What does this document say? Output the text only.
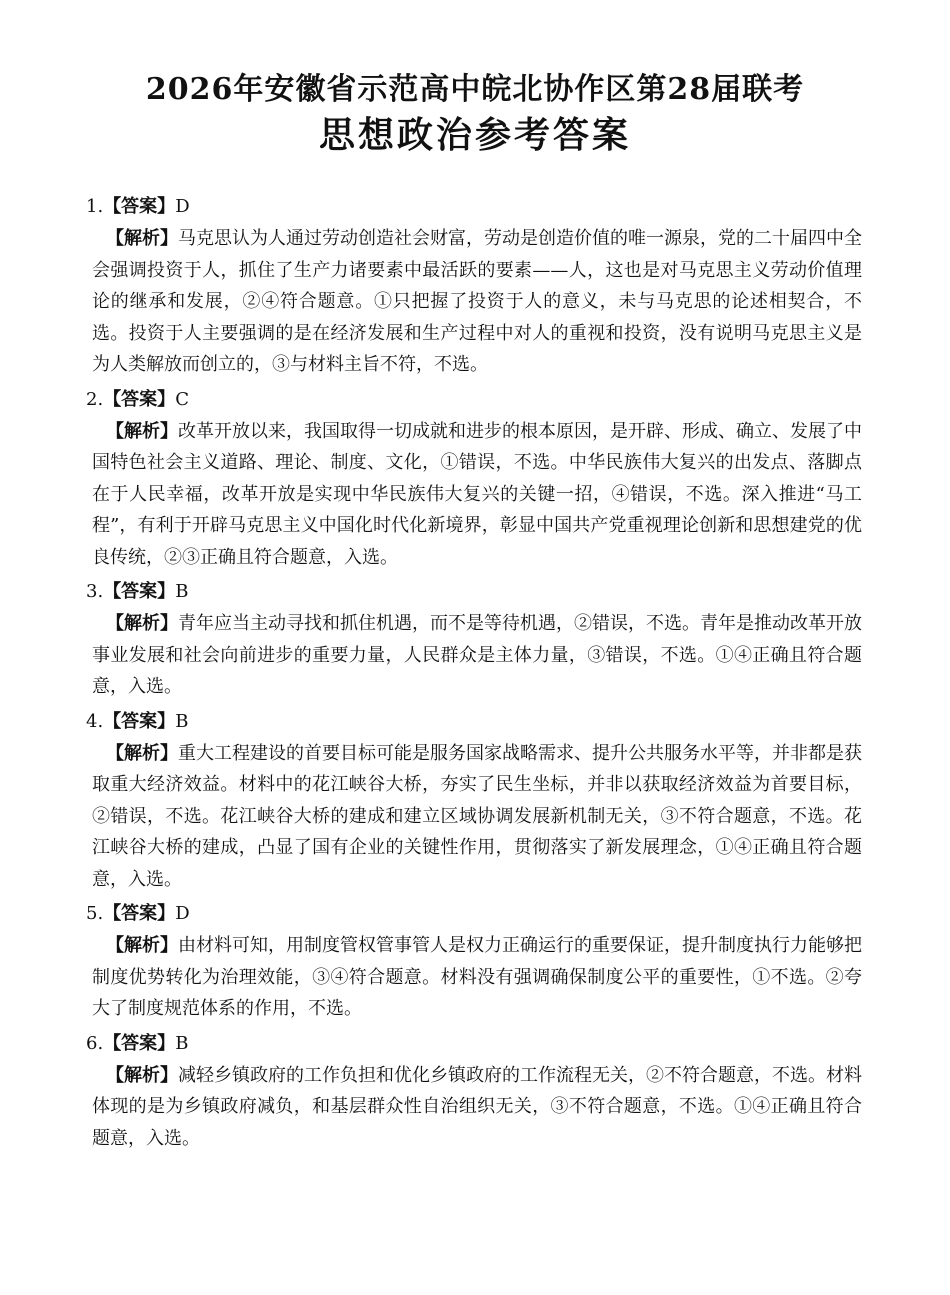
2026年安徽省示范高中皖北协作区第28届联考
思想政治参考答案
1.【答案】D
【解析】马克思认为人通过劳动创造社会财富，劳动是创造价值的唯一源泉，党的二十届四中全会强调投资于人，抓住了生产力诸要素中最活跃的要素——人，这也是对马克思主义劳动价值理论的继承和发展，②④符合题意。①只把握了投资于人的意义，未与马克思的论述相契合，不选。投资于人主要强调的是在经济发展和生产过程中对人的重视和投资，没有说明马克思主义是为人类解放而创立的，③与材料主旨不符，不选。
2.【答案】C
【解析】改革开放以来，我国取得一切成就和进步的根本原因，是开辟、形成、确立、发展了中国特色社会主义道路、理论、制度、文化，①错误，不选。中华民族伟大复兴的出发点、落脚点在于人民幸福，改革开放是实现中华民族伟大复兴的关键一招，④错误，不选。深入推进“马工程”，有利于开辟马克思主义中国化时代化新境界，彰显中国共产党重视理论创新和思想建党的优良传统，②③正确且符合题意，入选。
3.【答案】B
【解析】青年应当主动寻找和抓住机遇，而不是等待机遇，②错误，不选。青年是推动改革开放事业发展和社会向前进步的重要力量，人民群众是主体力量，③错误，不选。①④正确且符合题意，入选。
4.【答案】B
【解析】重大工程建设的首要目标可能是服务国家战略需求、提升公共服务水平等，并非都是获取重大经济效益。材料中的花江峡谷大桥，夯实了民生坐标，并非以获取经济效益为首要目标，②错误，不选。花江峡谷大桥的建成和建立区域协调发展新机制无关，③不符合题意，不选。花江峡谷大桥的建成，凸显了国有企业的关键性作用，贯彻落实了新发展理念，①④正确且符合题意，入选。
5.【答案】D
【解析】由材料可知，用制度管权管事管人是权力正确运行的重要保证，提升制度执行力能够把制度优势转化为治理效能，③④符合题意。材料没有强调确保制度公平的重要性，①不选。②夸大了制度规范体系的作用，不选。
6.【答案】B
【解析】减轻乡镇政府的工作负担和优化乡镇政府的工作流程无关，②不符合题意，不选。材料体现的是为乡镇政府减负，和基层群众性自治组织无关，③不符合题意，不选。①④正确且符合题意，入选。
